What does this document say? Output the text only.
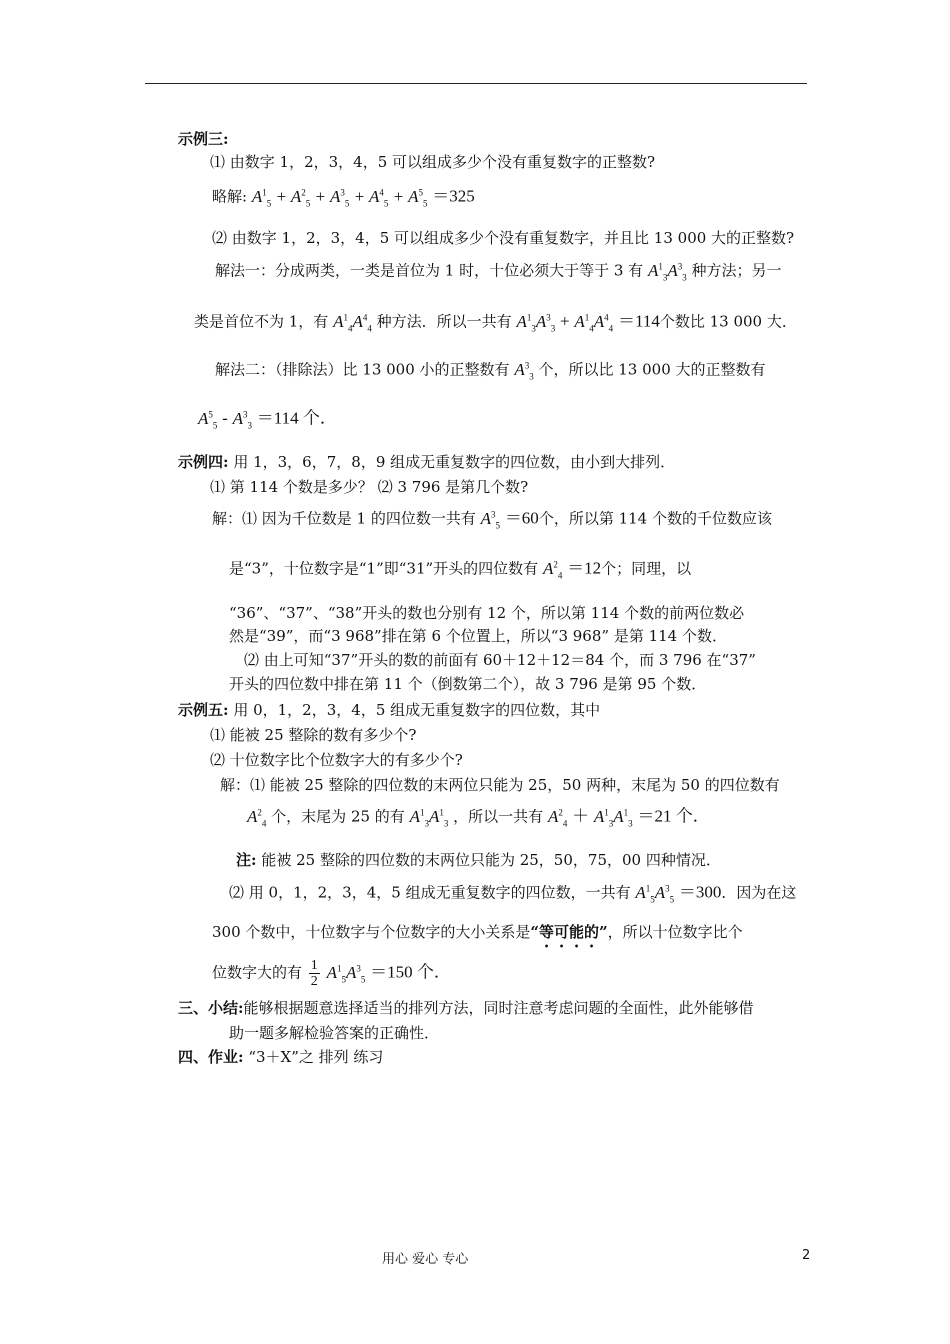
示例三:
⑴ 由数字 1，2，3，4，5 可以组成多少个没有重复数字的正整数?
略解: $A^1_5 + A^2_5 + A^3_5 + A^4_5 + A^5_5 =325$
⑵ 由数字 1，2，3，4，5 可以组成多少个没有重复数字，并且比 13 000 大的正整数?
解法一：分成两类，一类是首位为 1 时，十位必须大于等于 3 有 $A^1_3A^3_3$ 种方法；另一
类是首位不为 1，有 $A^1_4A^4_4$ 种方法．所以一共有 $A^1_3A^3_3 + A^1_4A^4_4 =114$个数比 13 000 大．
解法二：（排除法）比 13 000 小的正整数有 $A^3_3$ 个，所以比 13 000 大的正整数有
$A^5_5 - A^3_3 =114$ 个．
示例四: 用 1，3，6，7，8，9 组成无重复数字的四位数，由小到大排列．
⑴ 第 114 个数是多少？ ⑵ 3 796 是第几个数?
解：⑴ 因为千位数是 1 的四位数一共有 $A^3_5 =60$个，所以第 114 个数的千位数应该
是“3”，十位数字是“1”即“31”开头的四位数有 $A^2_4 =12$个；同理，以
“36”、“37”、“38”开头的数也分别有 12 个，所以第 114 个数的前两位数必
然是“39”，而“3 968”排在第 6 个位置上，所以“3 968” 是第 114 个数．
⑵ 由上可知“37”开头的数的前面有 60＋12＋12＝84 个，而 3 796 在“37”
开头的四位数中排在第 11 个（倒数第二个），故 3 796 是第 95 个数．
示例五: 用 0，1，2，3，4，5 组成无重复数字的四位数，其中
⑴ 能被 25 整除的数有多少个?
⑵ 十位数字比个位数字大的有多少个?
解：⑴ 能被 25 整除的四位数的末两位只能为 25，50 两种，末尾为 50 的四位数有
$A^2_4$ 个，末尾为 25 的有 $A^1_3A^1_3$ ，所以一共有 $A^2_4 + A^1_3A^1_3 =21$ 个．
注: 能被 25 整除的四位数的末两位只能为 25，50，75，00 四种情况．
⑵ 用 0，1，2，3，4，5 组成无重复数字的四位数，一共有 $A^1_5A^3_5 =300$．因为在这
300 个数中，十位数字与个位数字的大小关系是“等可能的”，所以十位数字比个
位数字大的有 $\frac{1}{2} A^1_5A^3_5 =150$ 个．
三、小结:能够根据题意选择适当的排列方法，同时注意考虑问题的全面性，此外能够借
助一题多解检验答案的正确性．
四、作业: “3＋X”之 排列 练习
用心 爱心 专心	2
